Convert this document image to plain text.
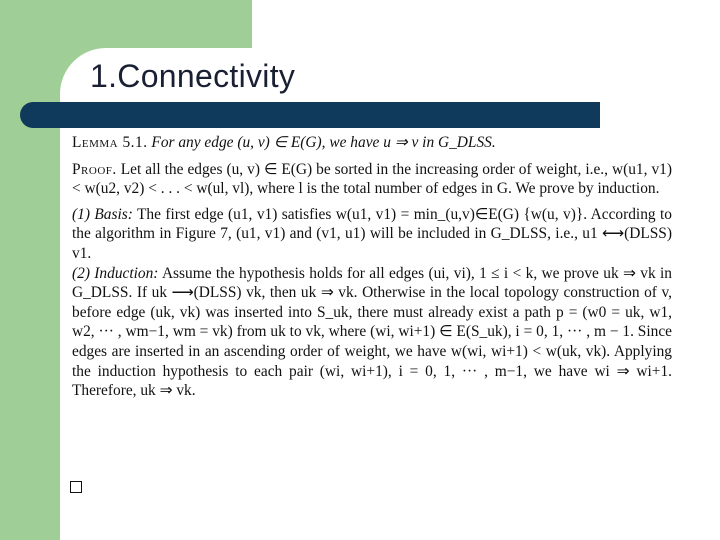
1.Connectivity

Lemma 5.1. For any edge (u, v) ∈ E(G), we have u ⇒ v in G_DLSS.

Proof. Let all the edges (u, v) ∈ E(G) be sorted in the increasing order of weight, i.e., w(u1, v1) < w(u2, v2) < . . . < w(ul, vl), where l is the total number of edges in G. We prove by induction.

(1) Basis: The first edge (u1, v1) satisfies w(u1, v1) = min_(u,v)∈E(G) {w(u, v)}. According to the algorithm in Figure 7, (u1, v1) and (v1, u1) will be included in G_DLSS, i.e., u1 ⟷(DLSS) v1.

(2) Induction: Assume the hypothesis holds for all edges (ui, vi), 1 ≤ i < k, we prove uk ⇒ vk in G_DLSS. If uk ⟶(DLSS) vk, then uk ⇒ vk. Otherwise in the local topology construction of v, before edge (uk, vk) was inserted into S_uk, there must already exist a path p = (w0 = uk, w1, w2, ··· , wm−1, wm = vk) from uk to vk, where (wi, wi+1) ∈ E(S_uk), i = 0, 1, ··· , m − 1. Since edges are inserted in an ascending order of weight, we have w(wi, wi+1) < w(uk, vk). Applying the induction hypothesis to each pair (wi, wi+1), i = 0, 1, ··· , m−1, we have wi ⇒ wi+1. Therefore, uk ⇒ vk.
